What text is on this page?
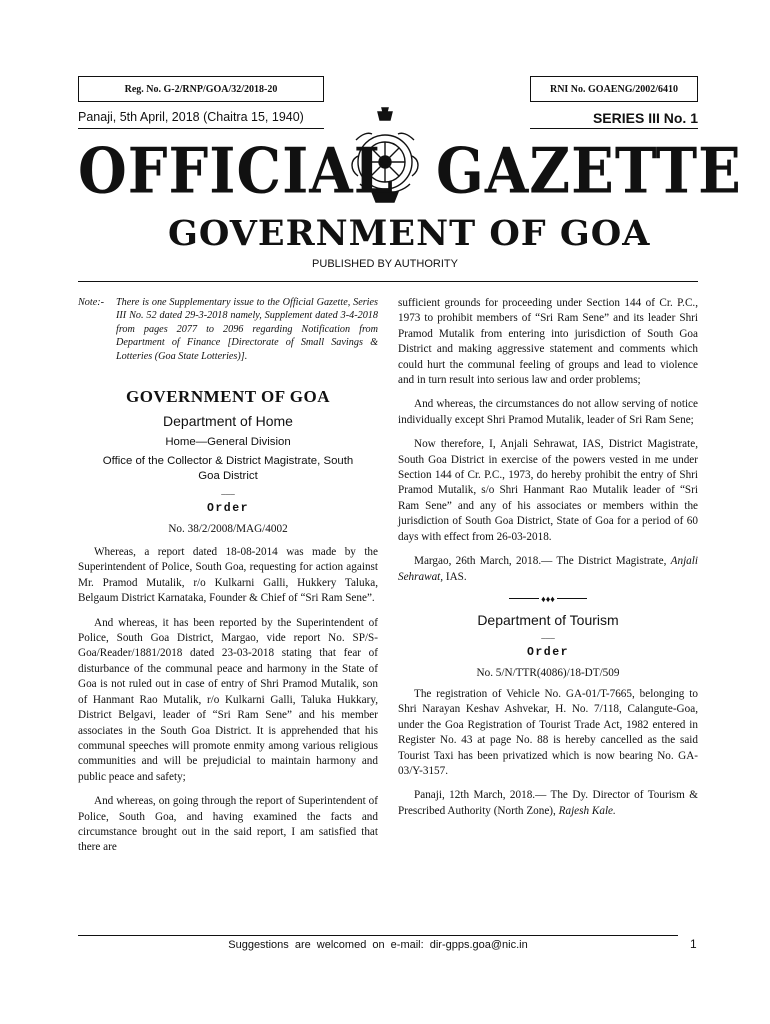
Reg. No. G-2/RNP/GOA/32/2018-20	RNI No. GOAENG/2002/6410
Panaji, 5th April, 2018 (Chaitra 15, 1940)	SERIES III No. 1
OFFICIAL GAZETTE
GOVERNMENT OF GOA
PUBLISHED BY AUTHORITY
Note:-	There is one Supplementary issue to the Official Gazette, Series III No. 52 dated 29-3-2018 namely, Supplement dated 3-4-2018 from pages 2077 to 2096 regarding Notification from Department of Finance [Directorate of Small Savings & Lotteries (Goa State Lotteries)].
GOVERNMENT OF GOA
Department of Home
Home—General Division
Office of the Collector & District Magistrate, South Goa District
___
Order
No. 38/2/2008/MAG/4002

Whereas, a report dated 18-08-2014 was made by the Superintendent of Police, South Goa, requesting for action against Mr. Pramod Mutalik, r/o Kulkarni Galli, Hukkery Taluka, Belgaum District Karnataka, Founder & Chief of “Sri Ram Sene”.

And whereas, it has been reported by the Superintendent of Police, South Goa District, Margao, vide report No. SP/S-Goa/Reader/1881/2018 dated 23-03-2018 stating that fear of disturbance of the communal peace and harmony in the State of Goa is not ruled out in case of entry of Shri Pramod Mutalik, son of Hanmant Rao Mutalik, r/o Kulkarni Galli, Taluka Hukkary, District Belgavi, leader of “Sri Ram Sene” and his member associates in the South Goa District. It is apprehended that his communal speeches will promote enmity among various religious communities and will be prejudicial to maintain harmony and public peace and safety;

And whereas, on going through the report of Superintendent of Police, South Goa, and having examined the facts and circumstance brought out in the said report, I am satisfied that there are

sufficient grounds for proceeding under Section 144 of Cr. P.C., 1973 to prohibit members of “Sri Ram Sene” and its leader Shri Pramod Mutalik from entering into jurisdiction of South Goa District and making aggressive statement and comments which could hurt the communal feeling of groups and lead to violence and in turn result into serious law and order problems;

And whereas, the circumstances do not allow serving of notice individually except Shri Pramod Mutalik, leader of Sri Ram Sene;

Now therefore, I, Anjali Sehrawat, IAS, District Magistrate, South Goa District in exercise of the powers vested in me under Section 144 of Cr. P.C., 1973, do hereby prohibit the entry of Shri Pramod Mutalik, s/o Shri Hanmant Rao Mutalik leader of “Sri Ram Sene” and any of his associates or members within the jurisdiction of South Goa District, State of Goa for a period of 60 days with effect from 26-03-2018.

Margao, 26th March, 2018.— The District Magistrate, Anjali Sehrawat, IAS.

♦♦♦
Department of Tourism
___
Order
No. 5/N/TTR(4086)/18-DT/509

The registration of Vehicle No. GA-01/T-7665, belonging to Shri Narayan Keshav Ashvekar, H. No. 7/118, Calangute-Goa, under the Goa Registration of Tourist Trade Act, 1982 entered in Register No. 43 at page No. 88 is hereby cancelled as the said Tourist Taxi has been privatized which is now bearing No. GA-03/Y-3157.

Panaji, 12th March, 2018.— The Dy. Director of Tourism & Prescribed Authority (North Zone), Rajesh Kale.

Suggestions are welcomed on e-mail: dir-gpps.goa@nic.in	1
